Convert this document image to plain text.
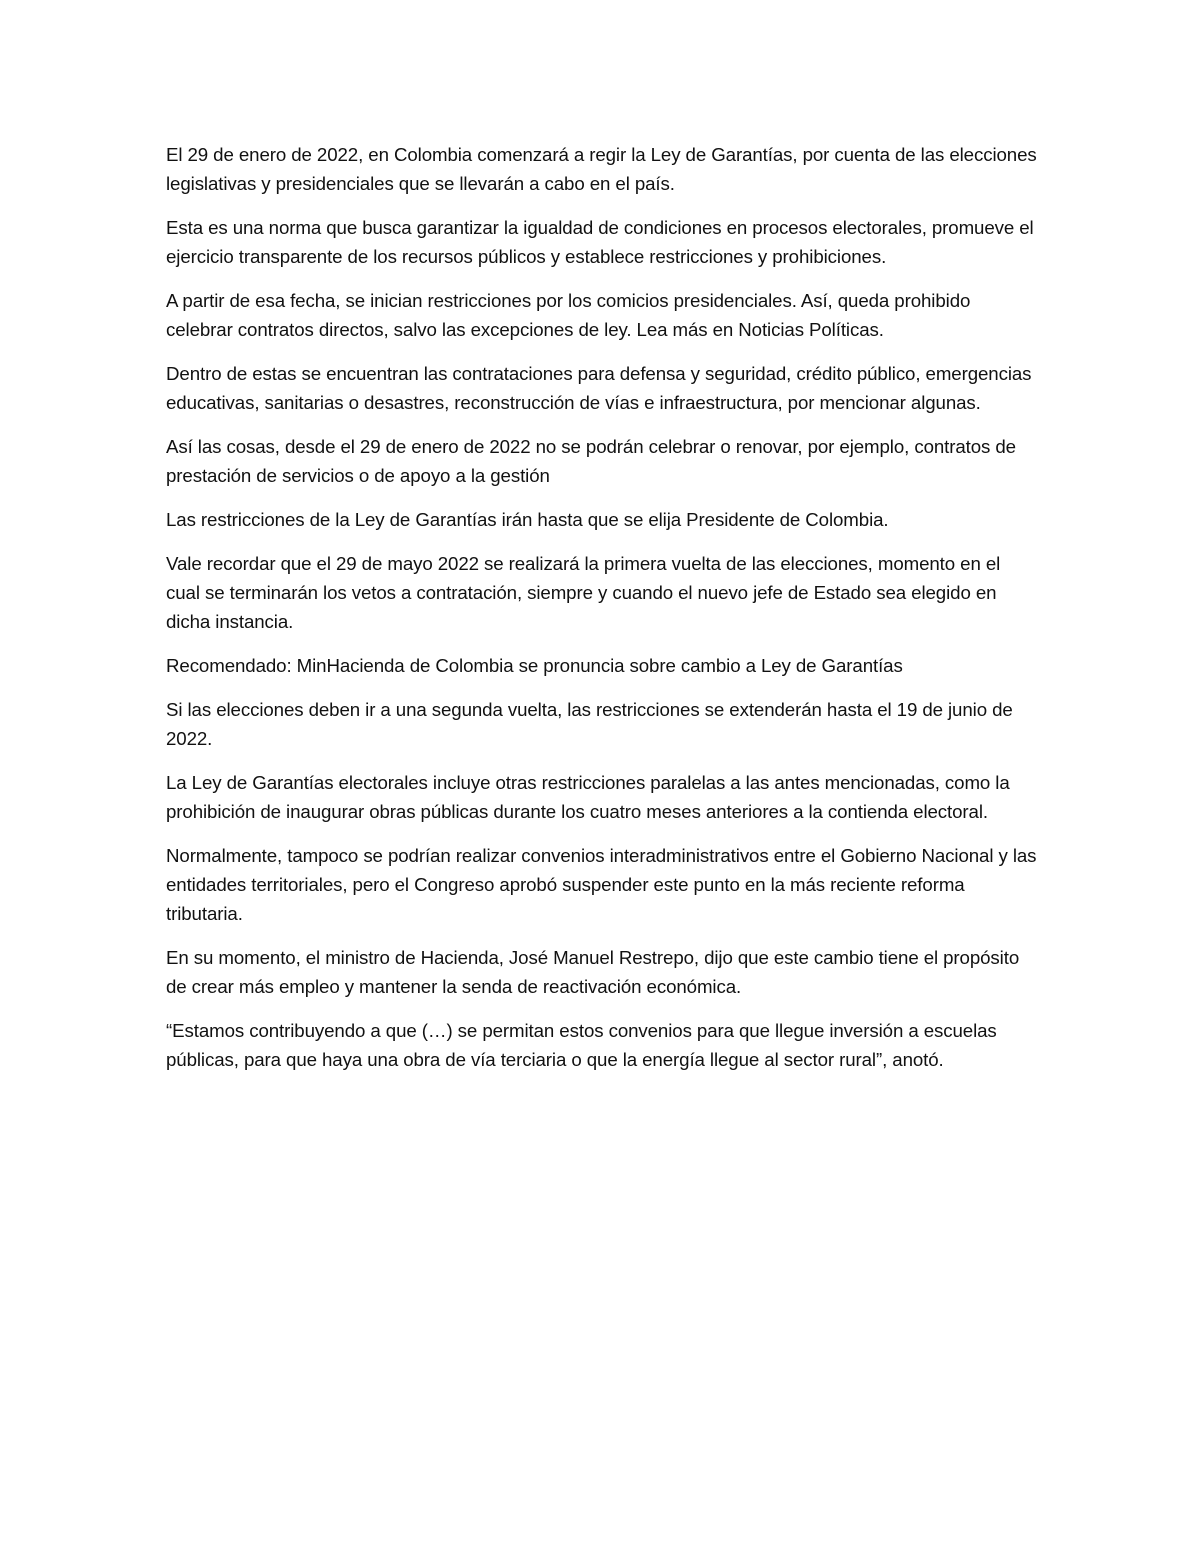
El 29 de enero de 2022, en Colombia comenzará a regir la Ley de Garantías, por cuenta de las elecciones legislativas y presidenciales que se llevarán a cabo en el país.

Esta es una norma que busca garantizar la igualdad de condiciones en procesos electorales, promueve el ejercicio transparente de los recursos públicos y establece restricciones y prohibiciones.

A partir de esa fecha, se inician restricciones por los comicios presidenciales. Así, queda prohibido celebrar contratos directos, salvo las excepciones de ley. Lea más en Noticias Políticas.

Dentro de estas se encuentran las contrataciones para defensa y seguridad, crédito público, emergencias educativas, sanitarias o desastres, reconstrucción de vías e infraestructura, por mencionar algunas.

Así las cosas, desde el 29 de enero de 2022 no se podrán celebrar o renovar, por ejemplo, contratos de prestación de servicios o de apoyo a la gestión

Las restricciones de la Ley de Garantías irán hasta que se elija Presidente de Colombia.

Vale recordar que el 29 de mayo 2022 se realizará la primera vuelta de las elecciones, momento en el cual se terminarán los vetos a contratación, siempre y cuando el nuevo jefe de Estado sea elegido en dicha instancia.

Recomendado: MinHacienda de Colombia se pronuncia sobre cambio a Ley de Garantías

Si las elecciones deben ir a una segunda vuelta, las restricciones se extenderán hasta el 19 de junio de 2022.

La Ley de Garantías electorales incluye otras restricciones paralelas a las antes mencionadas, como la prohibición de inaugurar obras públicas durante los cuatro meses anteriores a la contienda electoral.

Normalmente, tampoco se podrían realizar convenios interadministrativos entre el Gobierno Nacional y las entidades territoriales, pero el Congreso aprobó suspender este punto en la más reciente reforma tributaria.

En su momento, el ministro de Hacienda, José Manuel Restrepo, dijo que este cambio tiene el propósito de crear más empleo y mantener la senda de reactivación económica.

“Estamos contribuyendo a que (…) se permitan estos convenios para que llegue inversión a escuelas públicas, para que haya una obra de vía terciaria o que la energía llegue al sector rural”, anotó.
